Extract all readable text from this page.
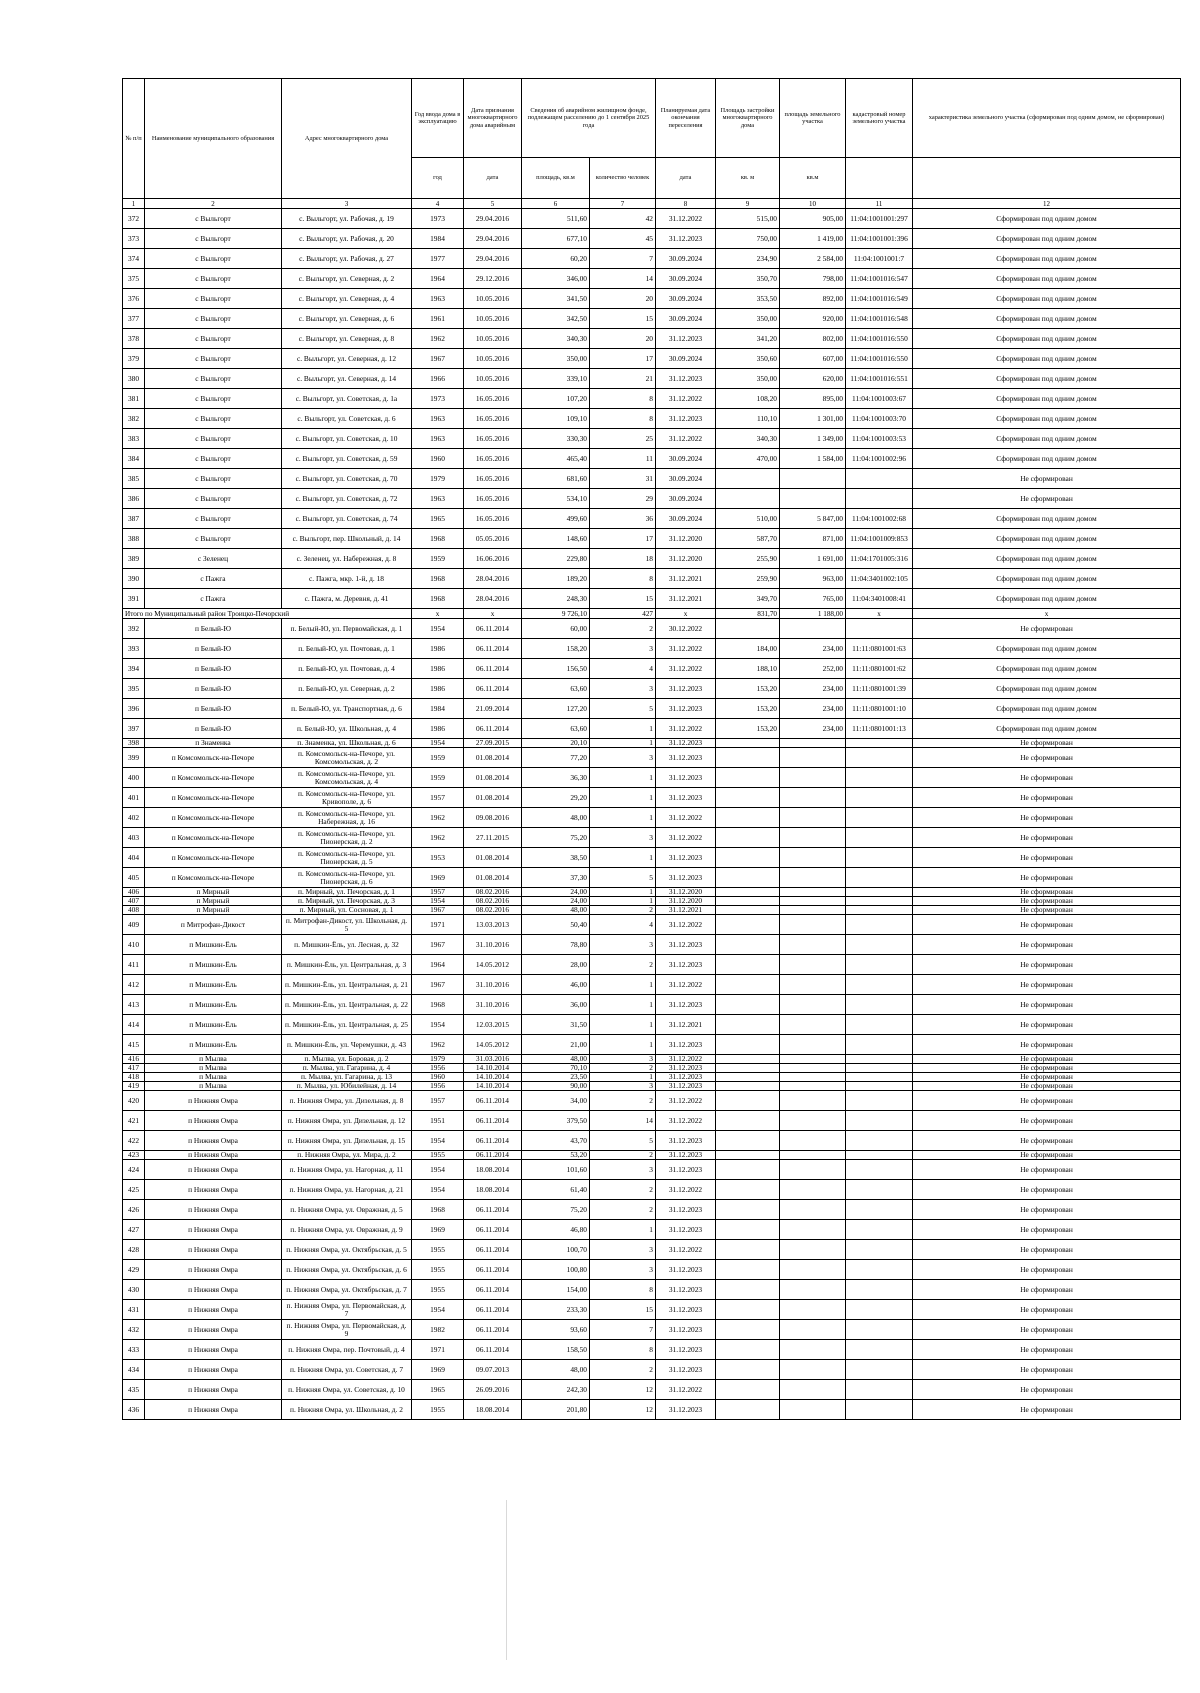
№ п/п	Наименование муниципального образования	Адрес многоквартирного дома	Год ввода дома в эксплуатацию	Дата признания многоквартирного дома аварийным	Сведения об аварийном жилищном фонде, подлежащем расселению до 1 сентября 2025 года		Планируемая дата окончания переселения	Площадь застройки многоквартирного дома	площадь земельного участка	кадастровый номер земельного участка	характеристика земельного участка (сформирован под одним домом, не сформирован)
			год	дата	площадь, кв.м	количество человек	дата	кв. м	кв.м		
1	2	3	4	5	6	7	8	9	10	11	12
372	с Выльгорт	с. Выльгорт, ул. Рабочая, д. 19	1973	29.04.2016	511,60	42	31.12.2022	515,00	905,00	11:04:1001001:297	Сформирован под одним домом
373	с Выльгорт	с. Выльгорт, ул. Рабочая, д. 20	1984	29.04.2016	677,10	45	31.12.2023	750,00	1 419,00	11:04:1001001:396	Сформирован под одним домом
374	с Выльгорт	с. Выльгорт, ул. Рабочая, д. 27	1977	29.04.2016	60,20	7	30.09.2024	234,90	2 584,00	11:04:1001001:7	Сформирован под одним домом
375	с Выльгорт	с. Выльгорт, ул. Северная, д. 2	1964	29.12.2016	346,00	14	30.09.2024	350,70	798,00	11:04:1001016:547	Сформирован под одним домом
376	с Выльгорт	с. Выльгорт, ул. Северная, д. 4	1963	10.05.2016	341,50	20	30.09.2024	353,50	892,00	11:04:1001016:549	Сформирован под одним домом
377	с Выльгорт	с. Выльгорт, ул. Северная, д. 6	1961	10.05.2016	342,50	15	30.09.2024	350,00	920,00	11:04:1001016:548	Сформирован под одним домом
378	с Выльгорт	с. Выльгорт, ул. Северная, д. 8	1962	10.05.2016	340,30	20	31.12.2023	341,20	802,00	11:04:1001016:550	Сформирован под одним домом
379	с Выльгорт	с. Выльгорт, ул. Северная, д. 12	1967	10.05.2016	350,00	17	30.09.2024	350,60	607,00	11:04:1001016:550	Сформирован под одним домом
380	с Выльгорт	с. Выльгорт, ул. Северная, д. 14	1966	10.05.2016	339,10	21	31.12.2023	350,00	620,00	11:04:1001016:551	Сформирован под одним домом
381	с Выльгорт	с. Выльгорт, ул. Советская, д. 1а	1973	16.05.2016	107,20	8	31.12.2022	108,20	895,00	11:04:1001003:67	Сформирован под одним домом
382	с Выльгорт	с. Выльгорт, ул. Советская, д. 6	1963	16.05.2016	109,10	8	31.12.2023	110,10	1 301,00	11:04:1001003:70	Сформирован под одним домом
383	с Выльгорт	с. Выльгорт, ул. Советская, д. 10	1963	16.05.2016	330,30	25	31.12.2022	340,30	1 349,00	11:04:1001003:53	Сформирован под одним домом
384	с Выльгорт	с. Выльгорт, ул. Советская, д. 59	1960	16.05.2016	465,40	11	30.09.2024	470,00	1 584,00	11:04:1001002:96	Сформирован под одним домом
385	с Выльгорт	с. Выльгорт, ул. Советская, д. 70	1979	16.05.2016	681,60	31	30.09.2024				Не сформирован
386	с Выльгорт	с. Выльгорт, ул. Советская, д. 72	1963	16.05.2016	534,10	29	30.09.2024				Не сформирован
387	с Выльгорт	с. Выльгорт, ул. Советская, д. 74	1965	16.05.2016	499,60	36	30.09.2024	510,00	5 847,00	11:04:1001002:68	Сформирован под одним домом
388	с Выльгорт	с. Выльгорт, пер. Школьный, д. 14	1968	05.05.2016	148,60	17	31.12.2020	587,70	871,00	11:04:1001009:853	Сформирован под одним домом
389	с Зеленец	с. Зеленец, ул. Набережная, д. 8	1959	16.06.2016	229,80	18	31.12.2020	255,90	1 691,00	11:04:1701005:316	Сформирован под одним домом
390	с Пажга	с. Пажга, мкр. 1-й, д. 18	1968	28.04.2016	189,20	8	31.12.2021	259,90	963,00	11:04:3401002:105	Сформирован под одним домом
391	с Пажга	с. Пажга, м. Деревня, д. 41	1968	28.04.2016	248,30	15	31.12.2021	349,70	765,00	11:04:3401008:41	Сформирован под одним домом
Итого по Муниципальный район Троицко-Печорский			x	x	9 726,10	427	x	831,70	1 188,00	x	x
392	п Белый-Ю	п. Белый-Ю, ул. Первомайская, д. 1	1954	06.11.2014	60,00	2	30.12.2022				Не сформирован
393	п Белый-Ю	п. Белый-Ю, ул. Почтовая, д. 1	1986	06.11.2014	158,20	3	31.12.2022	184,00	234,00	11:11:0801001:63	Сформирован под одним домом
394	п Белый-Ю	п. Белый-Ю, ул. Почтовая, д. 4	1986	06.11.2014	156,50	4	31.12.2022	188,10	252,00	11:11:0801001:62	Сформирован под одним домом
395	п Белый-Ю	п. Белый-Ю, ул. Северная, д. 2	1986	06.11.2014	63,60	3	31.12.2023	153,20	234,00	11:11:0801001:39	Сформирован под одним домом
396	п Белый-Ю	п. Белый-Ю, ул. Транспортная, д. 6	1984	21.09.2014	127,20	5	31.12.2023	153,20	234,00	11:11:0801001:10	Сформирован под одним домом
397	п Белый-Ю	п. Белый-Ю, ул. Школьная, д. 4	1986	06.11.2014	63,60	1	31.12.2022	153,20	234,00	11:11:0801001:13	Сформирован под одним домом
398	п Знаменка	п. Знаменка, ул. Школьная, д. 6	1954	27.09.2015	20,10	1	31.12.2023				Не сформирован
399	п Комсомольск-на-Печоре	п. Комсомольск-на-Печоре, ул. Комсомольская, д. 2	1959	01.08.2014	77,20	3	31.12.2023				Не сформирован
400	п Комсомольск-на-Печоре	п. Комсомольск-на-Печоре, ул. Комсомольская, д. 4	1959	01.08.2014	36,30	1	31.12.2023				Не сформирован
401	п Комсомольск-на-Печоре	п. Комсомольск-на-Печоре, ул. Кривополе, д. 6	1957	01.08.2014	29,20	1	31.12.2023				Не сформирован
402	п Комсомольск-на-Печоре	п. Комсомольск-на-Печоре, ул. Набережная, д. 16	1962	09.08.2016	48,00	1	31.12.2022				Не сформирован
403	п Комсомольск-на-Печоре	п. Комсомольск-на-Печоре, ул. Пионерская, д. 2	1962	27.11.2015	75,20	3	31.12.2022				Не сформирован
404	п Комсомольск-на-Печоре	п. Комсомольск-на-Печоре, ул. Пионерская, д. 5	1953	01.08.2014	38,50	1	31.12.2023				Не сформирован
405	п Комсомольск-на-Печоре	п. Комсомольск-на-Печоре, ул. Пионерская, д. 6	1969	01.08.2014	37,30	5	31.12.2023				Не сформирован
406	п Мирный	п. Мирный, ул. Печорская, д. 1	1957	08.02.2016	24,00	1	31.12.2020				Не сформирован
407	п Мирный	п. Мирный, ул. Печорская, д. 3	1954	08.02.2016	24,00	1	31.12.2020				Не сформирован
408	п Мирный	п. Мирный, ул. Сосновая, д. 1	1967	08.02.2016	48,00	2	31.12.2021				Не сформирован
409	п Митрофан-Дикост	п. Митрофан-Дикост, ул. Школьная, д. 5	1971	13.03.2013	50,40	4	31.12.2022				Не сформирован
410	п Мишкин-Ёль	п. Мишкин-Ёль, ул. Лесная, д. 32	1967	31.10.2016	78,80	3	31.12.2023				Не сформирован
411	п Мишкин-Ёль	п. Мишкин-Ёль, ул. Центральная, д. 3	1964	14.05.2012	28,00	2	31.12.2023				Не сформирован
412	п Мишкин-Ёль	п. Мишкин-Ёль, ул. Центральная, д. 21	1967	31.10.2016	46,00	1	31.12.2022				Не сформирован
413	п Мишкин-Ёль	п. Мишкин-Ёль, ул. Центральная, д. 22	1968	31.10.2016	36,00	1	31.12.2023				Не сформирован
414	п Мишкин-Ёль	п. Мишкин-Ёль, ул. Центральная, д. 25	1954	12.03.2015	31,50	1	31.12.2021				Не сформирован
415	п Мишкин-Ёль	п. Мишкин-Ёль, ул. Черемушки, д. 43	1962	14.05.2012	21,00	1	31.12.2023				Не сформирован
416	п Мылва	п. Мылва, ул. Боровая, д. 2	1979	31.03.2016	48,00	3	31.12.2022				Не сформирован
417	п Мылва	п. Мылва, ул. Гагарина, д. 4	1956	14.10.2014	70,10	2	31.12.2023				Не сформирован
418	п Мылва	п. Мылва, ул. Гагарина, д. 13	1960	14.10.2014	23,50	1	31.12.2023				Не сформирован
419	п Мылва	п. Мылва, ул. Юбилейная, д. 14	1956	14.10.2014	90,00	3	31.12.2023				Не сформирован
420	п Нижняя Омра	п. Нижняя Омра, ул. Дизельная, д. 8	1957	06.11.2014	34,00	2	31.12.2022				Не сформирован
421	п Нижняя Омра	п. Нижняя Омра, ул. Дизельная, д. 12	1951	06.11.2014	379,50	14	31.12.2022				Не сформирован
422	п Нижняя Омра	п. Нижняя Омра, ул. Дизельная, д. 15	1954	06.11.2014	43,70	5	31.12.2023				Не сформирован
423	п Нижняя Омра	п. Нижняя Омра, ул. Мира, д. 2	1955	06.11.2014	53,20	2	31.12.2023				Не сформирован
424	п Нижняя Омра	п. Нижняя Омра, ул. Нагорная, д. 11	1954	18.08.2014	101,60	3	31.12.2023				Не сформирован
425	п Нижняя Омра	п. Нижняя Омра, ул. Нагорная, д. 21	1954	18.08.2014	61,40	2	31.12.2022				Не сформирован
426	п Нижняя Омра	п. Нижняя Омра, ул. Овражная, д. 5	1968	06.11.2014	75,20	2	31.12.2023				Не сформирован
427	п Нижняя Омра	п. Нижняя Омра, ул. Овражная, д. 9	1969	06.11.2014	46,80	1	31.12.2023				Не сформирован
428	п Нижняя Омра	п. Нижняя Омра, ул. Октябрьская, д. 5	1955	06.11.2014	100,70	3	31.12.2022				Не сформирован
429	п Нижняя Омра	п. Нижняя Омра, ул. Октябрьская, д. 6	1955	06.11.2014	100,80	3	31.12.2023				Не сформирован
430	п Нижняя Омра	п. Нижняя Омра, ул. Октябрьская, д. 7	1955	06.11.2014	154,00	8	31.12.2023				Не сформирован
431	п Нижняя Омра	п. Нижняя Омра, ул. Первомайская, д. 7	1954	06.11.2014	233,30	15	31.12.2023				Не сформирован
432	п Нижняя Омра	п. Нижняя Омра, ул. Первомайская, д. 9	1982	06.11.2014	93,60	7	31.12.2023				Не сформирован
433	п Нижняя Омра	п. Нижняя Омра, пер. Почтовый, д. 4	1971	06.11.2014	158,50	8	31.12.2023				Не сформирован
434	п Нижняя Омра	п. Нижняя Омра, ул. Советская, д. 7	1969	09.07.2013	48,00	2	31.12.2023				Не сформирован
435	п Нижняя Омра	п. Нижняя Омра, ул. Советская, д. 10	1965	26.09.2016	242,30	12	31.12.2022				Не сформирован
436	п Нижняя Омра	п. Нижняя Омра, ул. Школьная, д. 2	1955	18.08.2014	201,80	12	31.12.2023				Не сформирован
